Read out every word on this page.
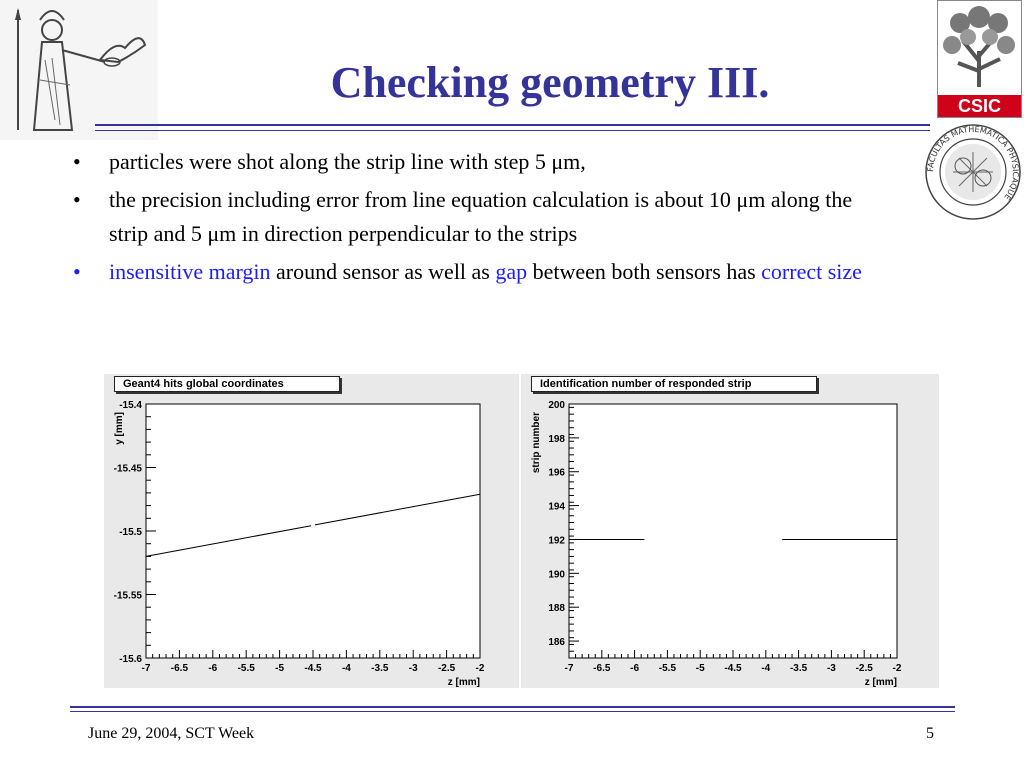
CSIC
FACULTAS MATHEMATICA PHYSICAQUE
Checking geometry III.
• particles were shot along the strip line with step 5 μm,
• the precision including error from line equation calculation is about 10 μm along the strip and 5 μm in direction perpendicular to the strips
• insensitive margin around sensor as well as gap between both sensors has correct size
-7 -6.5 -6 -5.5 -5 -4.5 -4 -3.5 -3 -2.5 -2
-15.4
-15.45
-15.5
-15.55
-15.6
z [mm]
y [mm]
Geant4 hits global coordinates
-7 -6.5 -6 -5.5 -5 -4.5 -4 -3.5 -3 -2.5 -2
200
198
196
194
192
190
188
186
z [mm]
strip number
Identification number of responded strip
June 29, 2004, SCT Week	5
